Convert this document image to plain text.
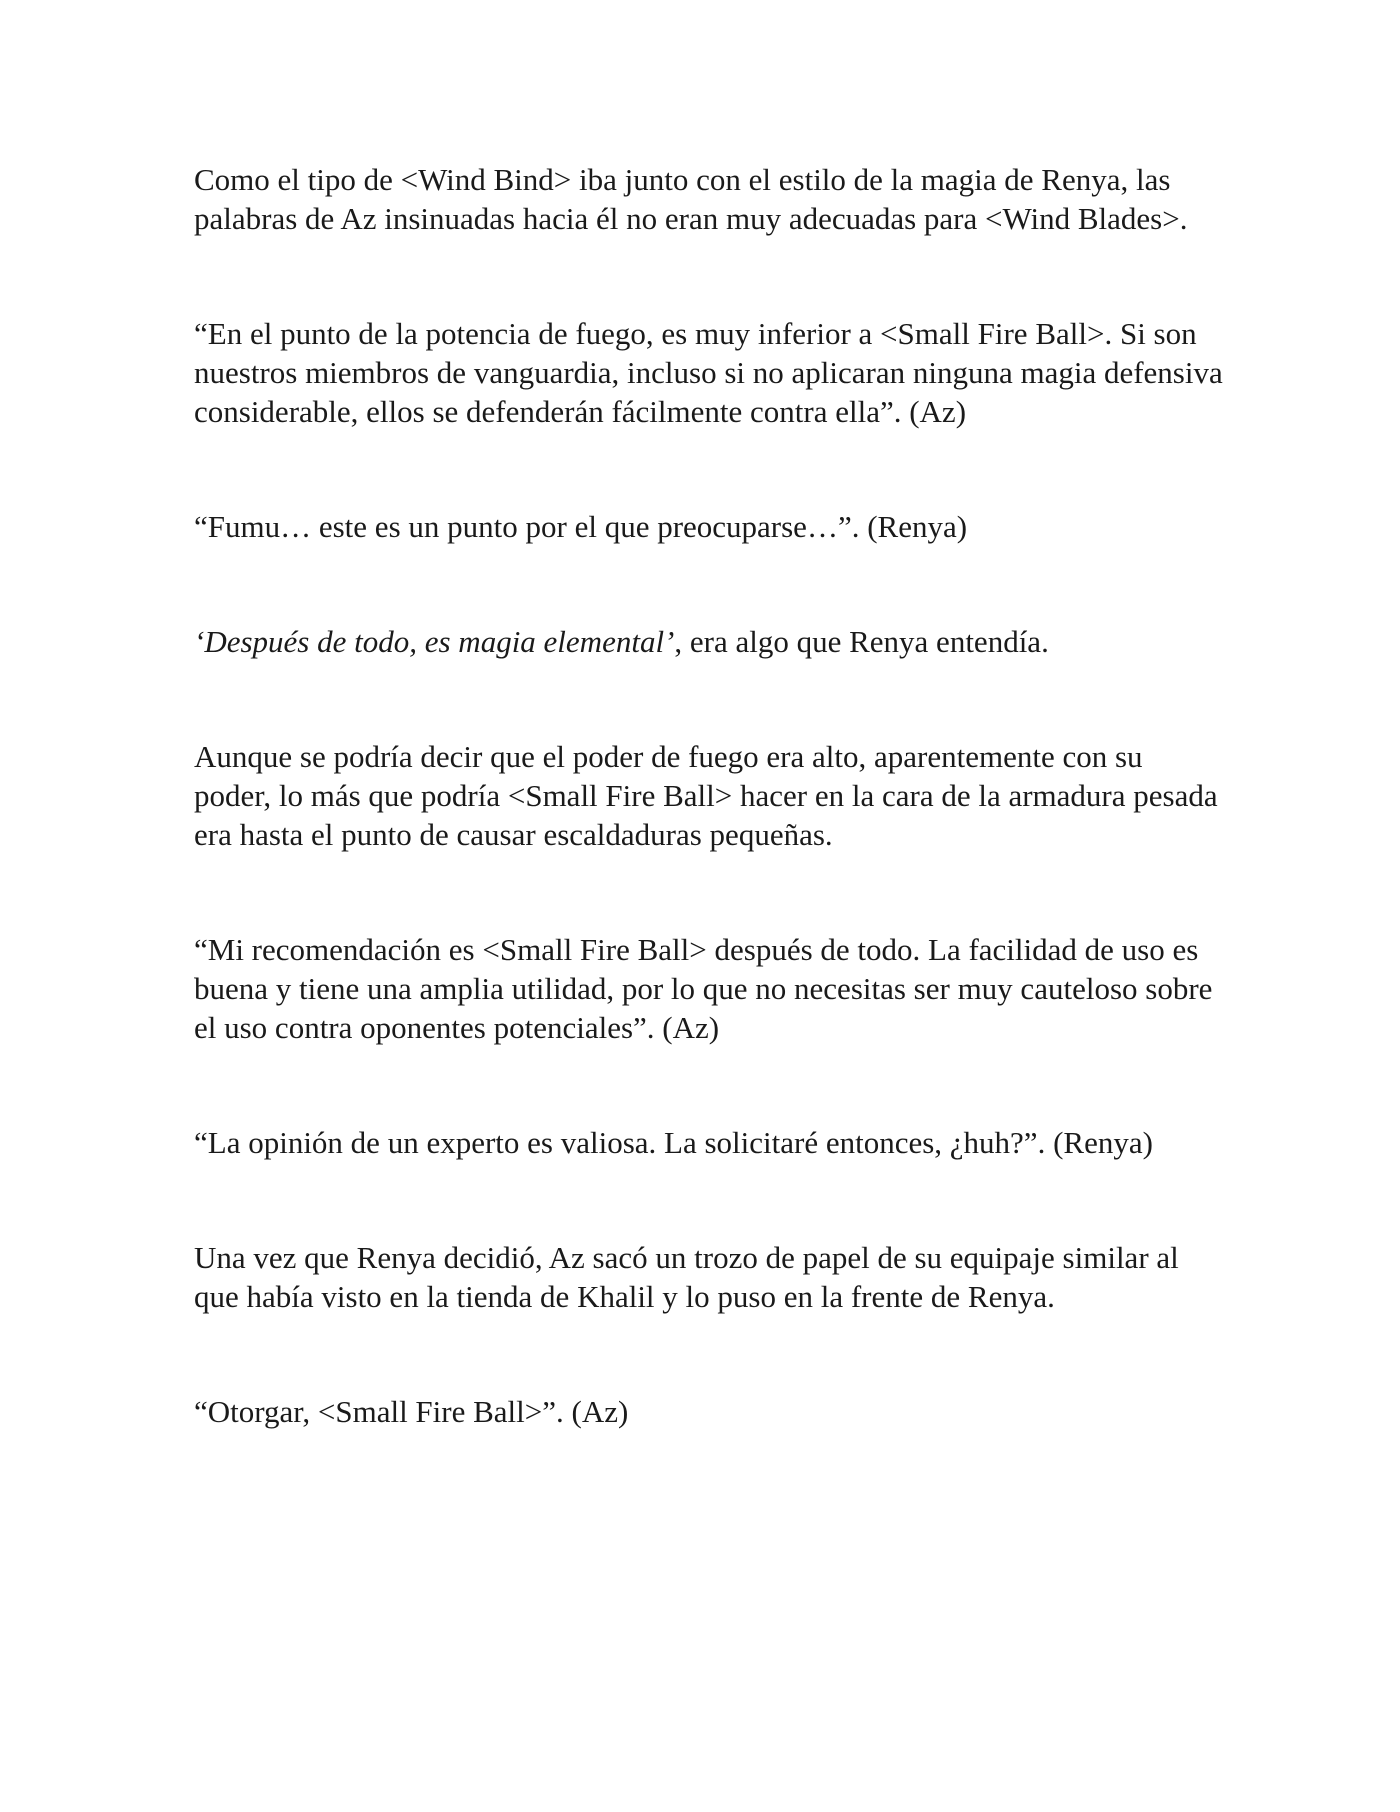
Como el tipo de <Wind Bind> iba junto con el estilo de la magia de Renya, las palabras de Az insinuadas hacia él no eran muy adecuadas para <Wind Blades>.

“En el punto de la potencia de fuego, es muy inferior a <Small Fire Ball>. Si son nuestros miembros de vanguardia, incluso si no aplicaran ninguna magia defensiva considerable, ellos se defenderán fácilmente contra ella”. (Az)

“Fumu… este es un punto por el que preocuparse…”. (Renya)

‘Después de todo, es magia elemental’, era algo que Renya entendía.

Aunque se podría decir que el poder de fuego era alto, aparentemente con su poder, lo más que podría <Small Fire Ball> hacer en la cara de la armadura pesada era hasta el punto de causar escaldaduras pequeñas.

“Mi recomendación es <Small Fire Ball> después de todo. La facilidad de uso es buena y tiene una amplia utilidad, por lo que no necesitas ser muy cauteloso sobre el uso contra oponentes potenciales”. (Az)

“La opinión de un experto es valiosa. La solicitaré entonces, ¿huh?”. (Renya)

Una vez que Renya decidió, Az sacó un trozo de papel de su equipaje similar al que había visto en la tienda de Khalil y lo puso en la frente de Renya.

“Otorgar, <Small Fire Ball>”. (Az)
